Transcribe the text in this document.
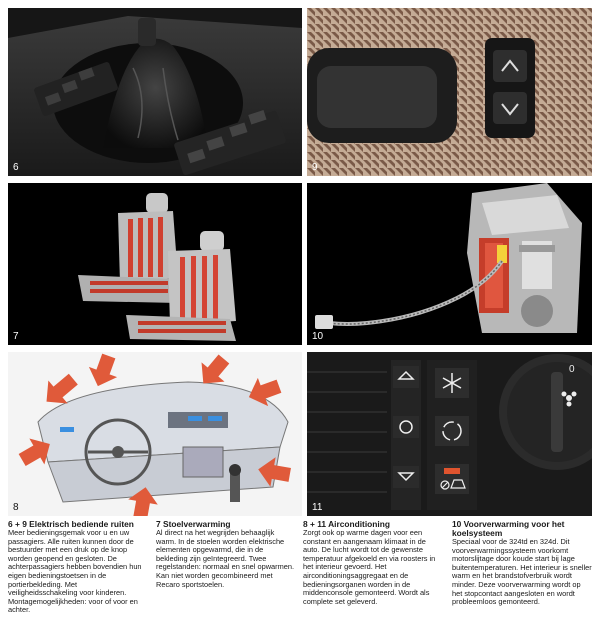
6	9
7	10
8
0
11
6 + 9 Elektrisch bediende ruiten
Meer bedieningsgemak voor u en uw passagiers. Alle ruiten kunnen door de bestuurder met een druk op de knop worden geopend en gesloten. De achterpassagiers hebben bovendien hun eigen bedieningstoetsen in de portierbekleding. Met veiligheidsschakeling voor kinderen. Montagemogelijkheden: voor of voor en achter.
7 Stoelverwarming
Al direct na het wegrijden behaaglijk warm. In de stoelen worden elektrische elementen opgewarmd, die in de bekleding zijn geïntegreerd. Twee regelstanden: normaal en snel opwarmen. Kan niet worden gecombineerd met Recaro sportstoelen.
8 + 11 Airconditioning
Zorgt ook op warme dagen voor een constant en aangenaam klimaat in de auto. De lucht wordt tot de gewenste temperatuur afgekoeld en via roosters in het interieur gevoerd. Het airconditioningsaggregaat en de bedieningsorganen worden in de middenconsole gemonteerd. Wordt als complete set geleverd.
10 Voorverwarming voor het koelsysteem
Speciaal voor de 324td en 324d. Dit voorverwarmingssysteem voorkomt motorslijtage door koude start bij lage buitentemperaturen. Het interieur is sneller warm en het brandstofverbruik wordt minder. Deze voorverwarming wordt op het stopcontact aangesloten en wordt probleemloos gemonteerd.
